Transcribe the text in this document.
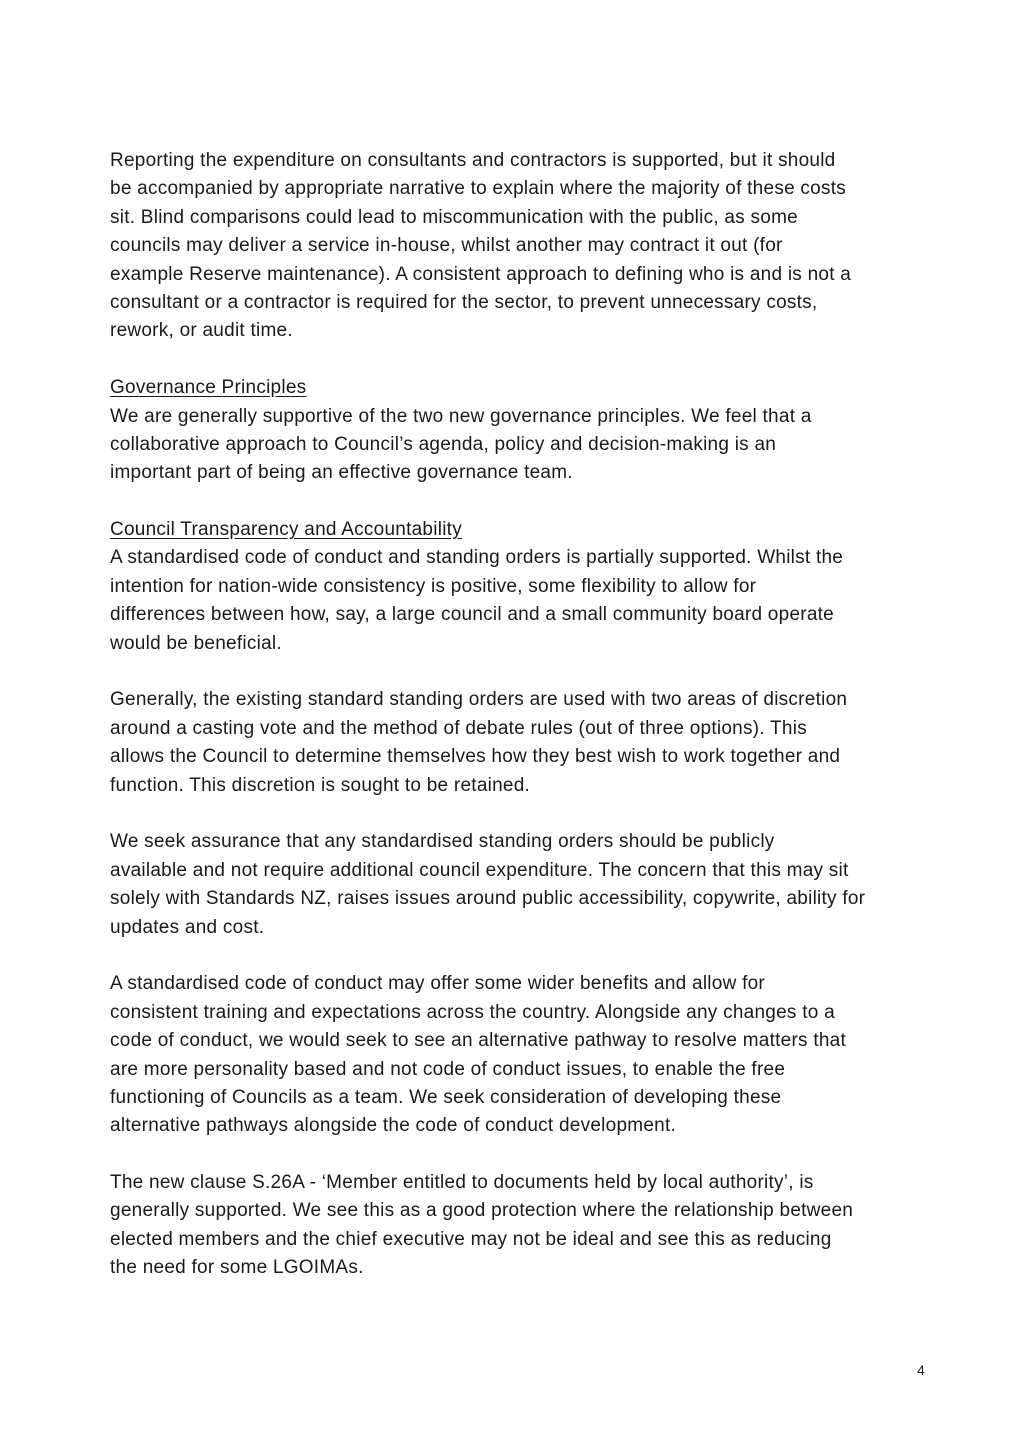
Reporting the expenditure on consultants and contractors is supported, but it should
be accompanied by appropriate narrative to explain where the majority of these costs
sit. Blind comparisons could lead to miscommunication with the public, as some
councils may deliver a service in-house, whilst another may contract it out (for
example Reserve maintenance). A consistent approach to defining who is and is not a
consultant or a contractor is required for the sector, to prevent unnecessary costs,
rework, or audit time.
Governance Principles
We are generally supportive of the two new governance principles. We feel that a
collaborative approach to Council’s agenda, policy and decision-making is an
important part of being an effective governance team.
Council Transparency and Accountability
A standardised code of conduct and standing orders is partially supported. Whilst the
intention for nation-wide consistency is positive, some flexibility to allow for
differences between how, say, a large council and a small community board operate
would be beneficial.
Generally, the existing standard standing orders are used with two areas of discretion
around a casting vote and the method of debate rules (out of three options). This
allows the Council to determine themselves how they best wish to work together and
function. This discretion is sought to be retained.
We seek assurance that any standardised standing orders should be publicly
available and not require additional council expenditure. The concern that this may sit
solely with Standards NZ, raises issues around public accessibility, copywrite, ability for
updates and cost.
A standardised code of conduct may offer some wider benefits and allow for
consistent training and expectations across the country. Alongside any changes to a
code of conduct, we would seek to see an alternative pathway to resolve matters that
are more personality based and not code of conduct issues, to enable the free
functioning of Councils as a team. We seek consideration of developing these
alternative pathways alongside the code of conduct development.
The new clause S.26A - ‘Member entitled to documents held by local authority’, is
generally supported. We see this as a good protection where the relationship between
elected members and the chief executive may not be ideal and see this as reducing
the need for some LGOIMAs.
4
